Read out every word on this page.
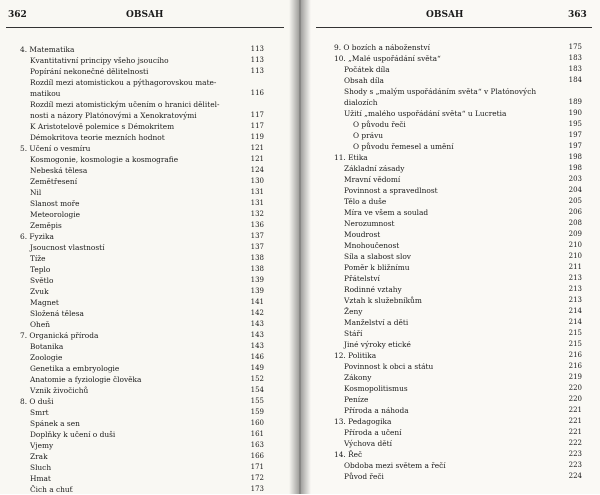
362	OBSAH
4. Matematika	113
Kvantitativní principy všeho jsoucího	113
Popírání nekonečné dělitelnosti	113
Rozdíl mezi atomistickou a pýthagorovskou mate-
matikou	116
Rozdíl mezi atomistickým učením o hranici dělitel-
nosti a názory Platónovými a Xenokratovými	117
K Aristotelově polemice s Démokritem	117
Démokritova teorie mezních hodnot	119
5. Učení o vesmíru	121
Kosmogonie, kosmologie a kosmografie	121
Nebeská tělesa	124
Zemětřesení	130
Nil	131
Slanost moře	131
Meteorologie	132
Zeměpis	136
6. Fyzika	137
Jsoucnost vlastností	137
Tíže	138
Teplo	138
Světlo	139
Zvuk	139
Magnet	141
Složená tělesa	142
Oheň	143
7. Organická příroda	143
Botanika	143
Zoologie	146
Genetika a embryologie	149
Anatomie a fyziologie člověka	152
Vznik živočichů	154
8. O duši	155
Smrt	159
Spánek a sen	160
Doplňky k učení o duši	161
Vjemy	163
Zrak	166
Sluch	171
Hmat	172
Čich a chuť	173
OBSAH	363
9. O bozích a náboženství	175
10. „Malé uspořádání světa“	183
Počátek díla	183
Obsah díla	184
Shody s „malým uspořádáním světa“ v Platónových
dialozích	189
Užití „malého uspořádání světa“ u Lucretia	190
O původu řeči	195
O právu	197
O původu řemesel a umění	197
11. Etika	198
Základní zásady	198
Mravní vědomí	203
Povinnost a spravedlnost	204
Tělo a duše	205
Míra ve všem a soulad	206
Nerozumnost	208
Moudrost	209
Mnohoučenost	210
Síla a slabost slov	210
Poměr k bližnímu	211
Přátelství	213
Rodinné vztahy	213
Vztah k služebníkům	213
Ženy	214
Manželství a děti	214
Stáří	215
Jiné výroky etické	215
12. Politika	216
Povinnost k obci a státu	216
Zákony	219
Kosmopolitismus	220
Peníze	220
Příroda a náhoda	221
13. Pedagogika	221
Příroda a učení	221
Výchova dětí	222
14. Řeč	223
Obdoba mezi světem a řečí	223
Původ řeči	224
